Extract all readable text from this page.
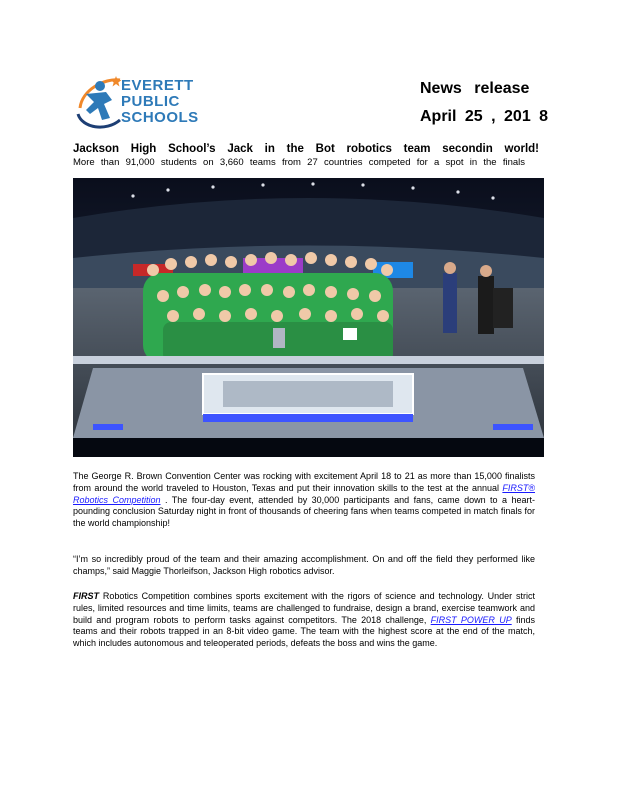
EVERETT
PUBLIC
SCHOOLS
News release
April 25 , 201 8
Jackson High School’s Jack in the Bot robotics team secondin world!
More than 91,000 students on 3,660 teams from 27 countries competed for a spot in the finals
The George R. Brown Convention Center was rocking with excitement April 18 to 21 as more than 15,000 finalists from around the world traveled to Houston, Texas and put their innovation skills to the test at the annual FIRST® Robotics Competition . The four-day event, attended by 30,000 participants and fans, came down to a heart-pounding conclusion Saturday night in front of thousands of cheering fans when teams competed in match finals for the world championship!
“I’m so incredibly proud of the team and their amazing accomplishment. On and off the field they performed like champs,” said Maggie Thorleifson, Jackson High robotics advisor.
FIRST Robotics Competition combines sports excitement with the rigors of science and technology. Under strict rules, limited resources and time limits, teams are challenged to fundraise, design a brand, exercise teamwork and build and program robots to perform tasks against competitors. The 2018 challenge, FIRST POWER UP finds teams and their robots trapped in an 8-bit video game. The team with the highest score at the end of the match, which includes autonomous and teleoperated periods, defeats the boss and wins the game.
